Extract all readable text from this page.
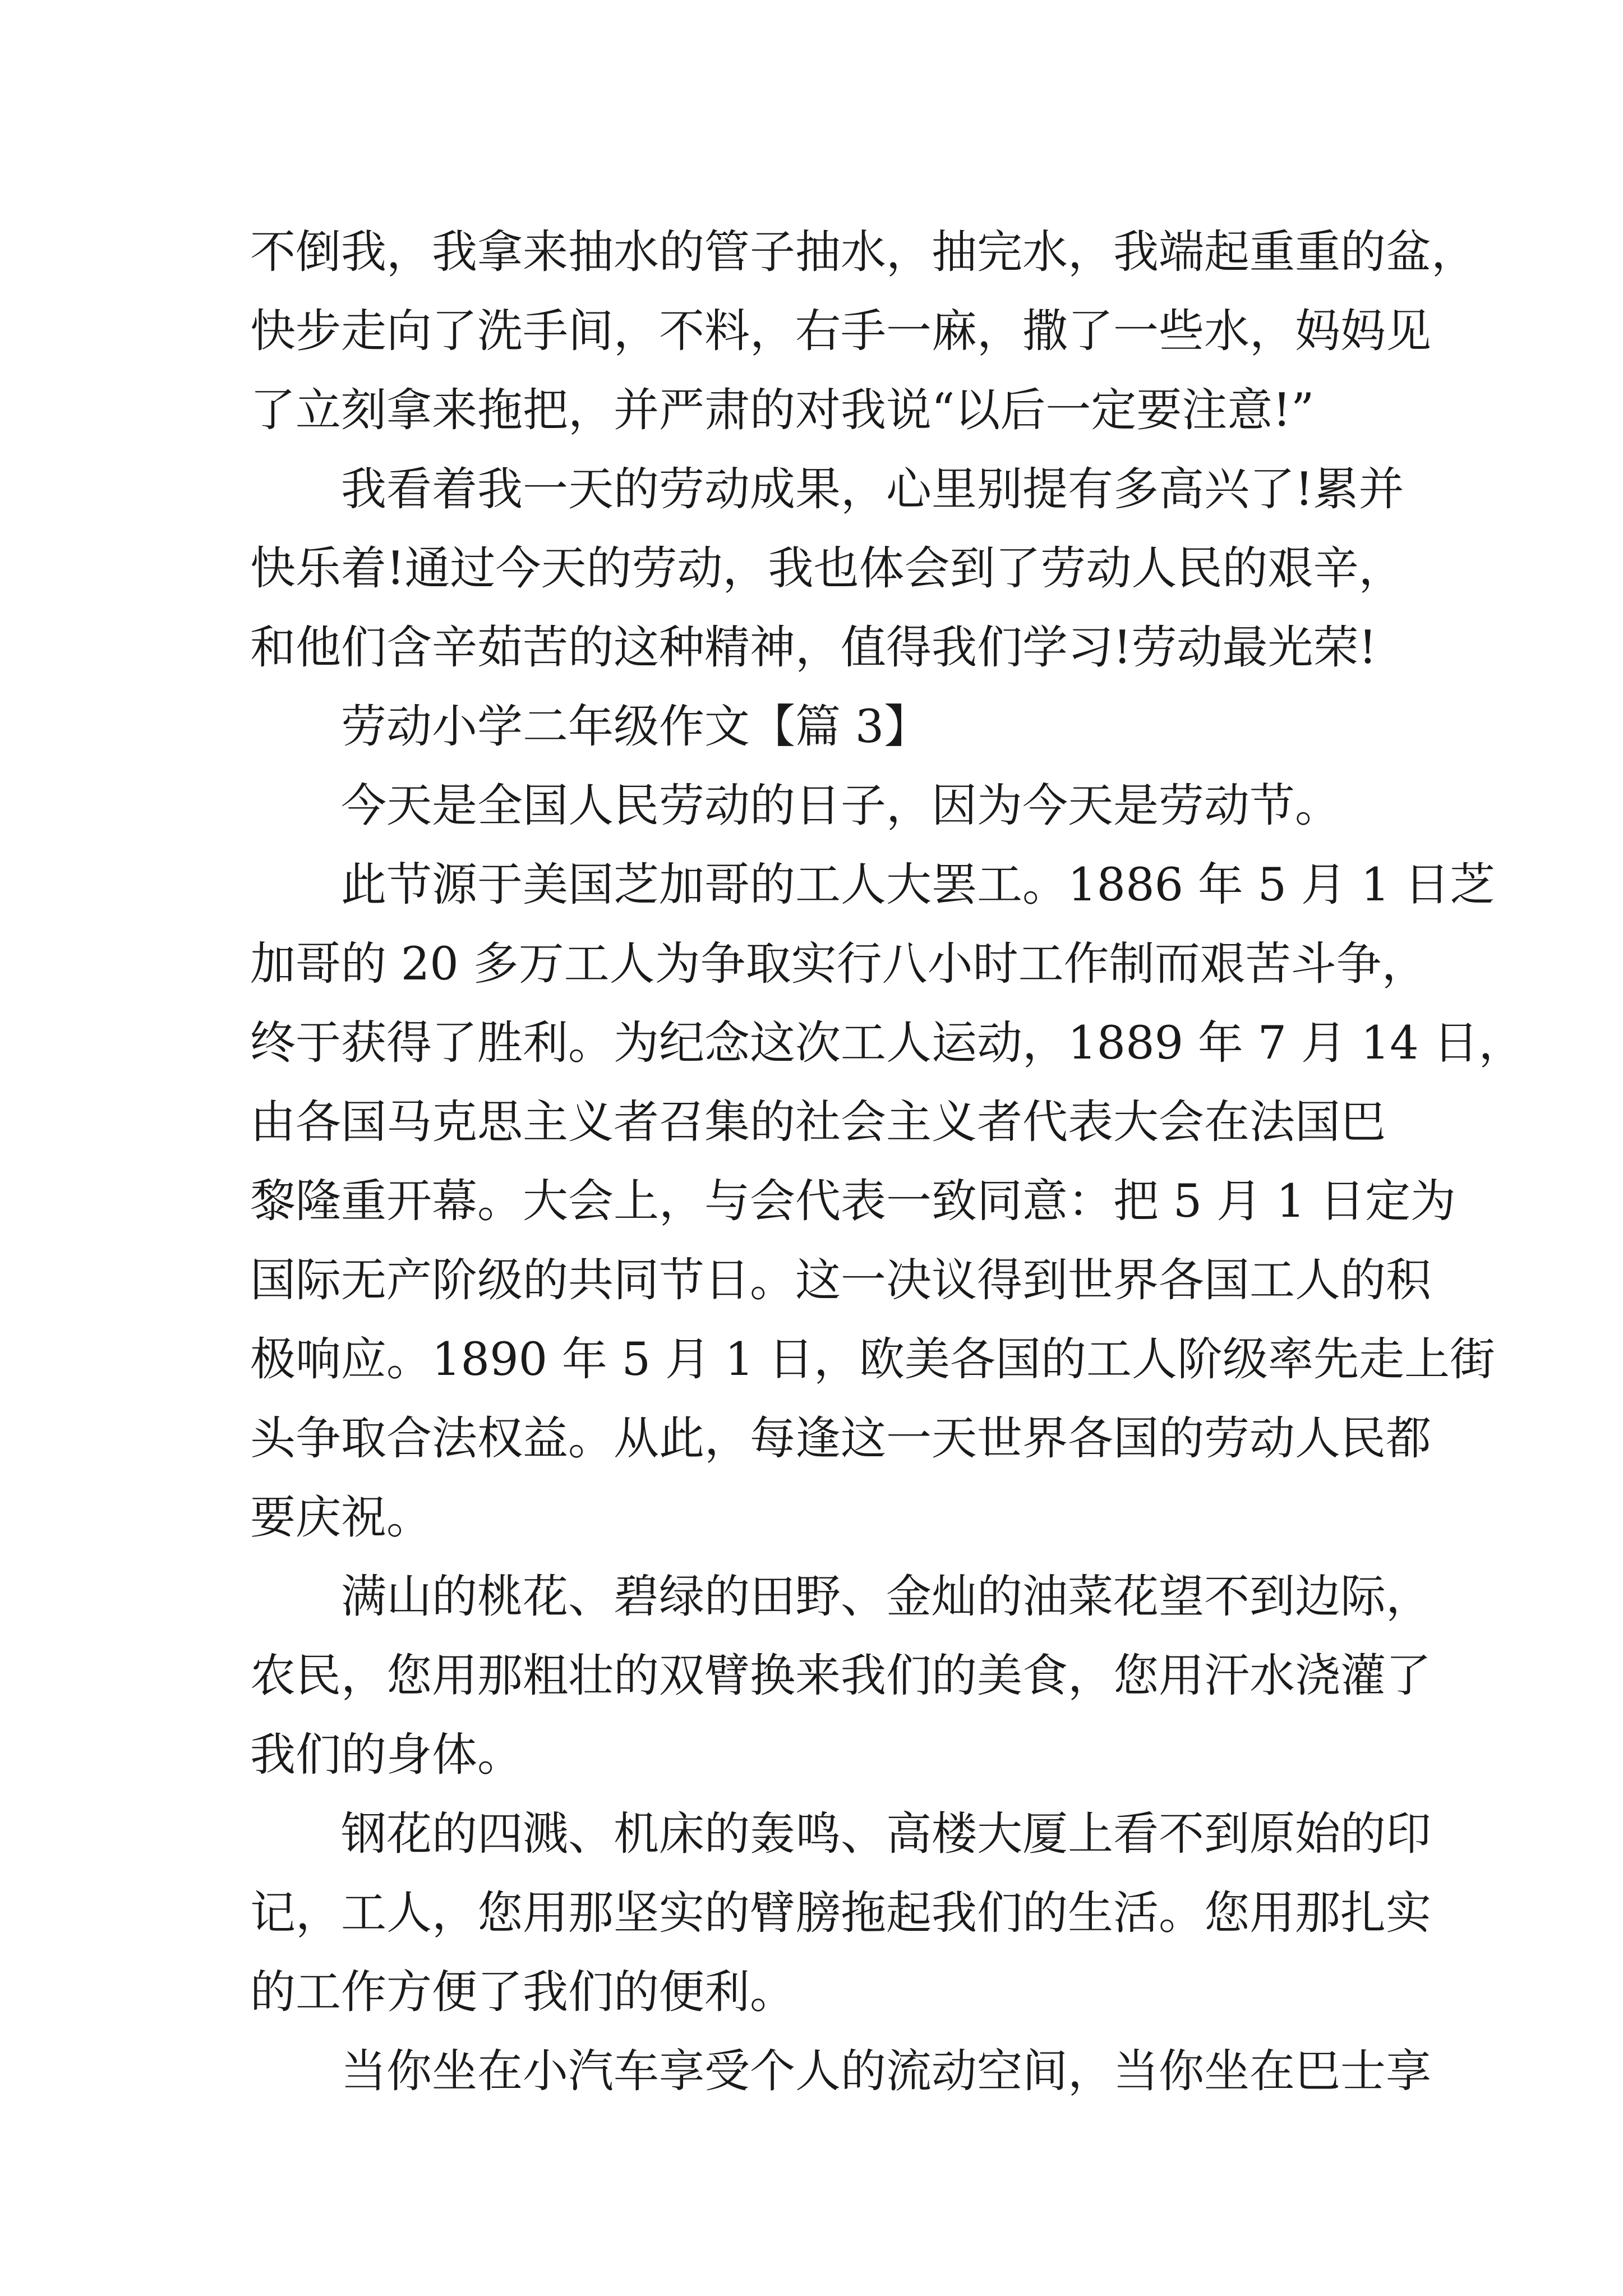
不倒我，我拿来抽水的管子抽水，抽完水，我端起重重的盆，
快步走向了洗手间，不料，右手一麻，撒了一些水，妈妈见
了立刻拿来拖把，并严肃的对我说“以后一定要注意!”
我看着我一天的劳动成果，心里别提有多高兴了!累并
快乐着!通过今天的劳动，我也体会到了劳动人民的艰辛，
和他们含辛茹苦的这种精神，值得我们学习!劳动最光荣!
劳动小学二年级作文【篇 3】
今天是全国人民劳动的日子，因为今天是劳动节。
此节源于美国芝加哥的工人大罢工。1886 年 5 月 1 日芝
加哥的 20 多万工人为争取实行八小时工作制而艰苦斗争，
终于获得了胜利。为纪念这次工人运动，1889 年 7 月 14 日，
由各国马克思主义者召集的社会主义者代表大会在法国巴
黎隆重开幕。大会上，与会代表一致同意：把 5 月 1 日定为
国际无产阶级的共同节日。这一决议得到世界各国工人的积
极响应。1890 年 5 月 1 日，欧美各国的工人阶级率先走上街
头争取合法权益。从此，每逢这一天世界各国的劳动人民都
要庆祝。
满山的桃花、碧绿的田野、金灿的油菜花望不到边际，
农民，您用那粗壮的双臂换来我们的美食，您用汗水浇灌了
我们的身体。
钢花的四溅、机床的轰鸣、高楼大厦上看不到原始的印
记，工人，您用那坚实的臂膀拖起我们的生活。您用那扎实
的工作方便了我们的便利。
当你坐在小汽车享受个人的流动空间，当你坐在巴士享
